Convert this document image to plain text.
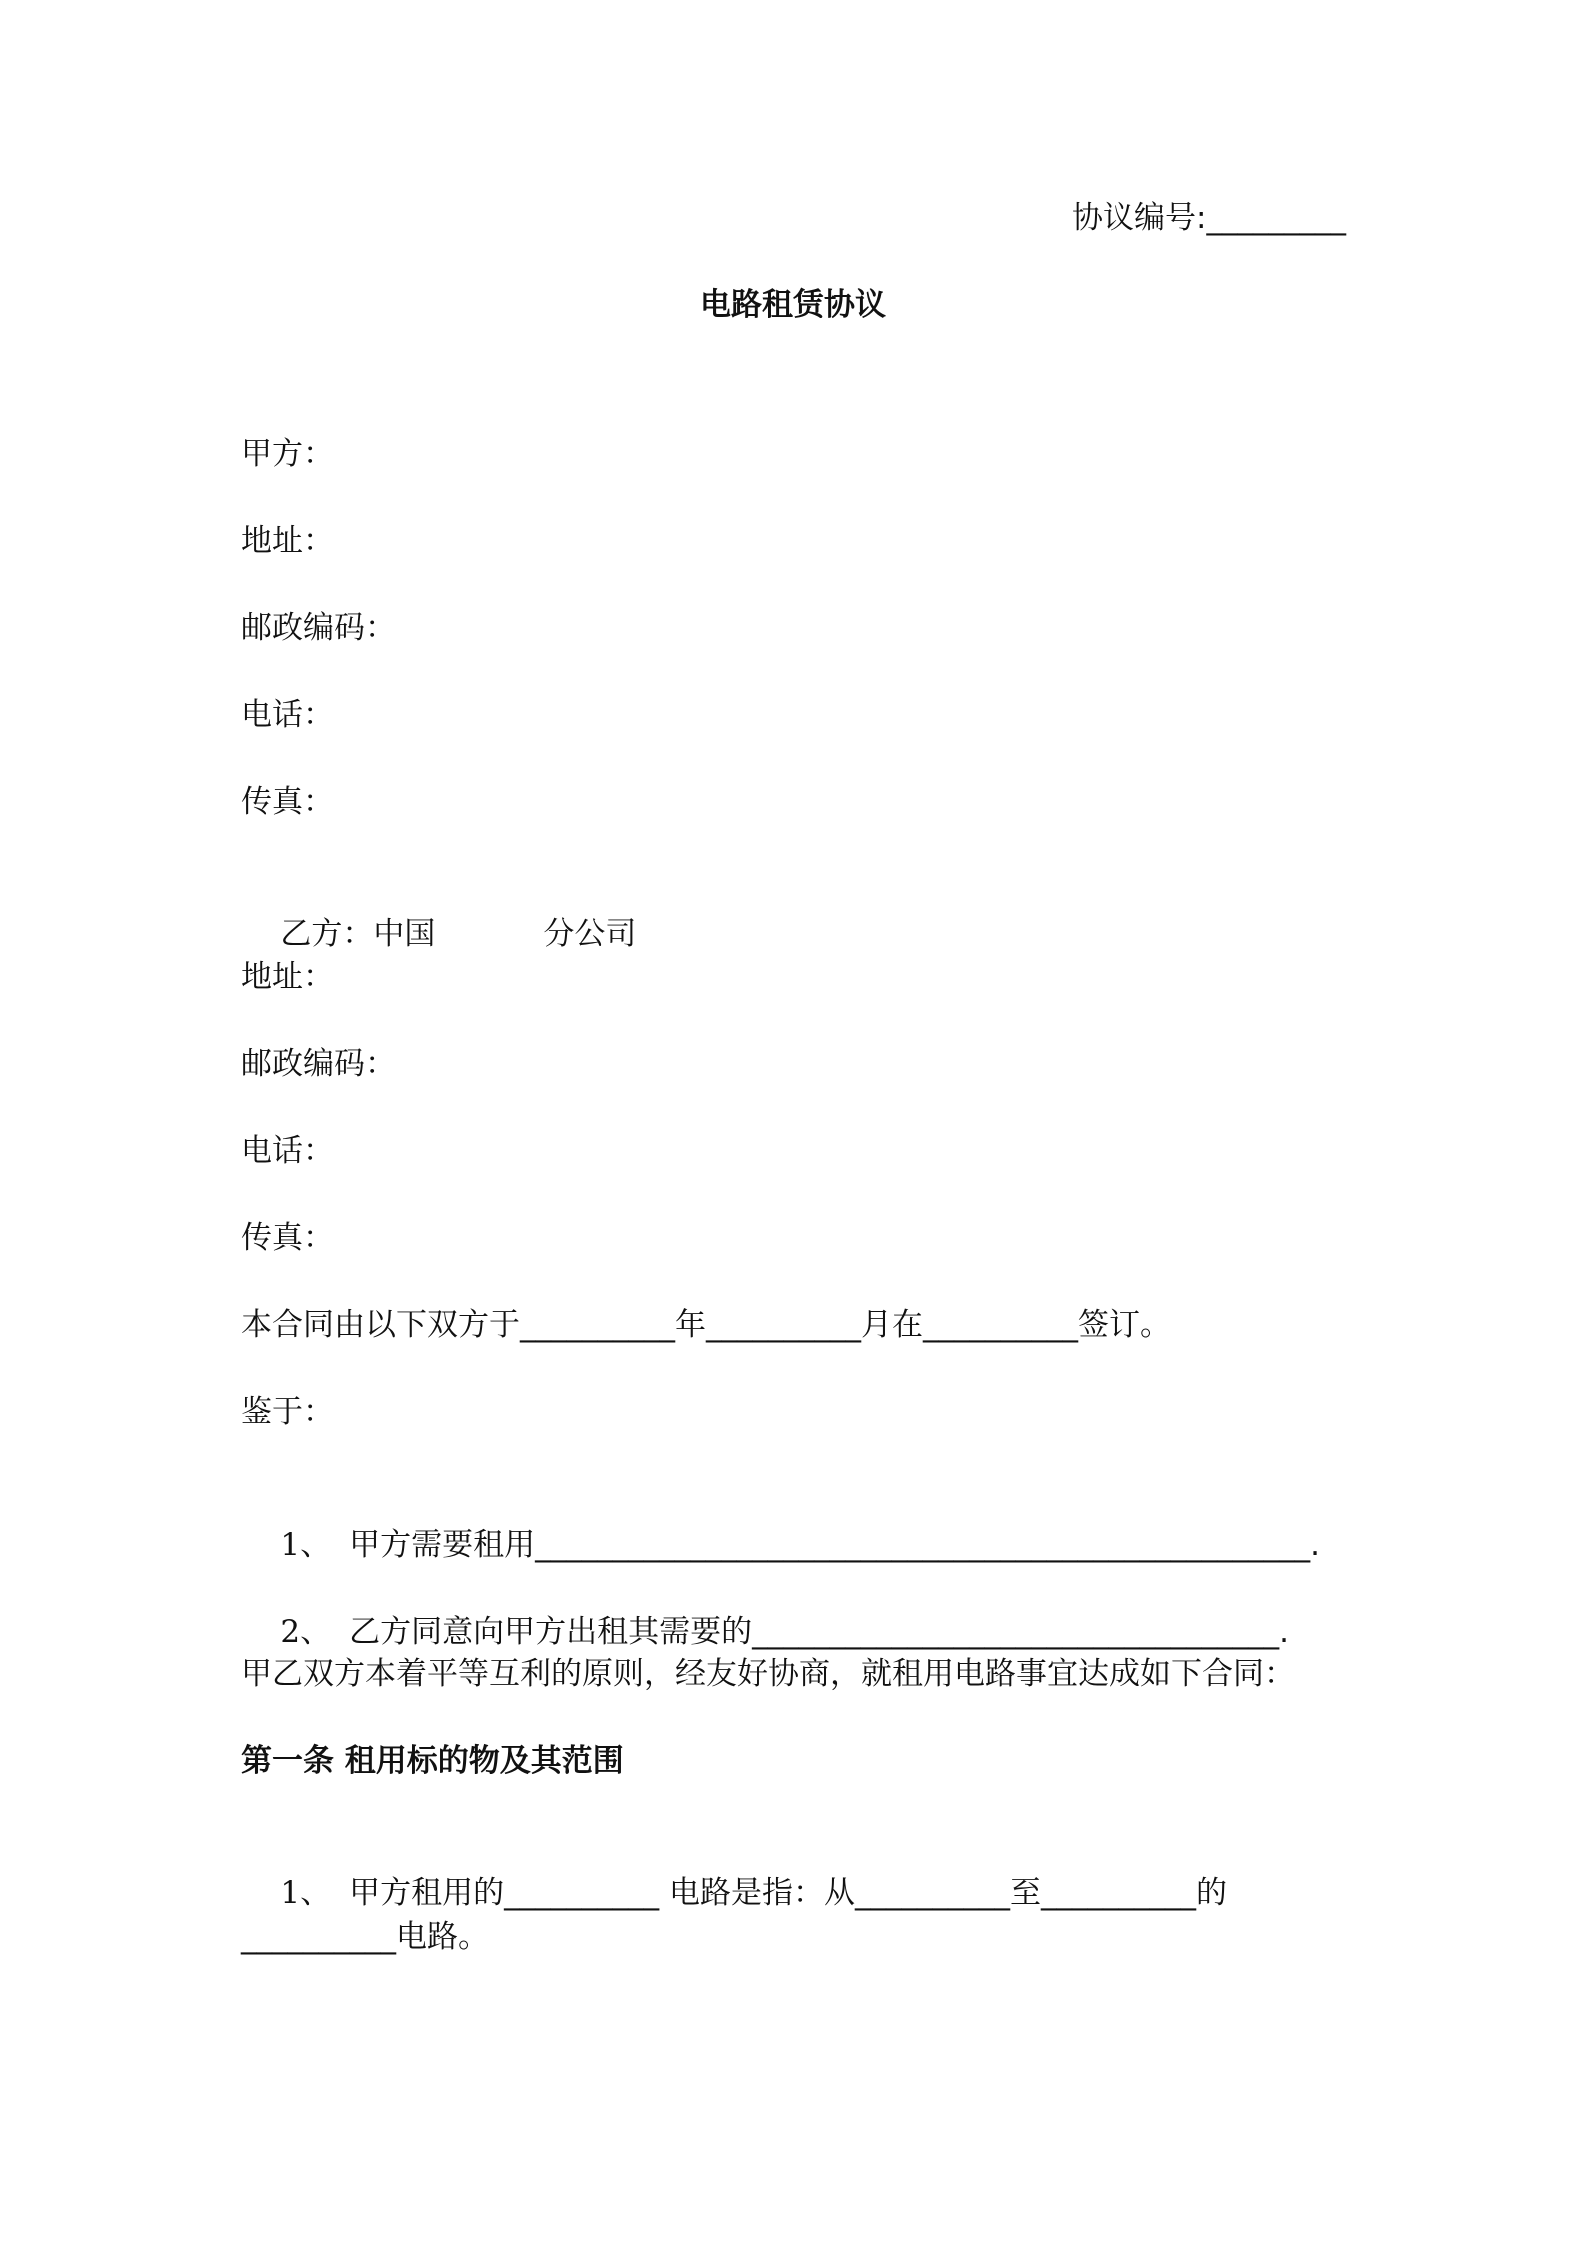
协议编号:_________
电路租赁协议
甲方：
地址：
邮政编码：
电话：
传真：

乙方：中国	分公司

地址：
邮政编码：
电话：
传真：
本合同由以下双方于__________年__________月在__________签订。
鉴于：

1、 甲方需要租用__________________________________________________.

2、 乙方同意向甲方出租其需要的__________________________________.

甲乙双方本着平等互利的原则，经友好协商，就租用电路事宜达成如下合同：
第一条 租用标的物及其范围

1、 甲方租用的__________ 电路是指：从__________至__________的

__________电路。
